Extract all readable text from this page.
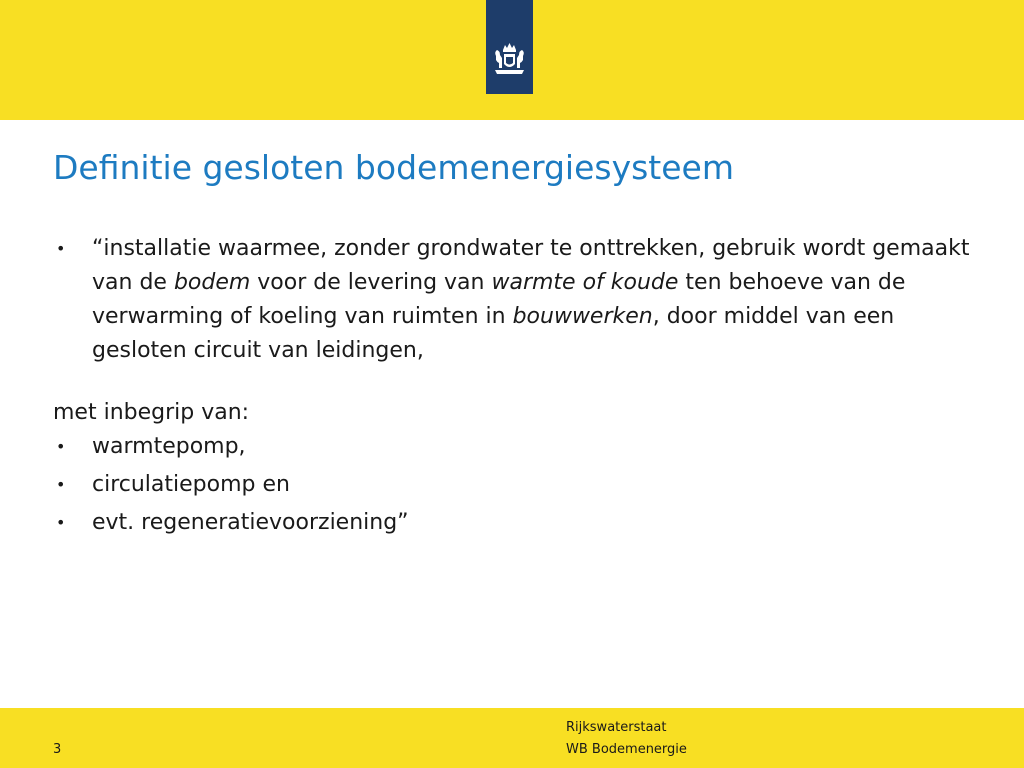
Definitie gesloten bodemenergiesysteem
• “installatie waarmee, zonder grondwater te onttrekken, gebruik wordt gemaakt van de bodem voor de levering van warmte of koude ten behoeve van de verwarming of koeling van ruimten in bouwwerken, door middel van een gesloten circuit van leidingen,

met inbegrip van:

• warmtepomp,
• circulatiepomp en
• evt. regeneratievoorziening”
3
Rijkswaterstaat
WB Bodemenergie
